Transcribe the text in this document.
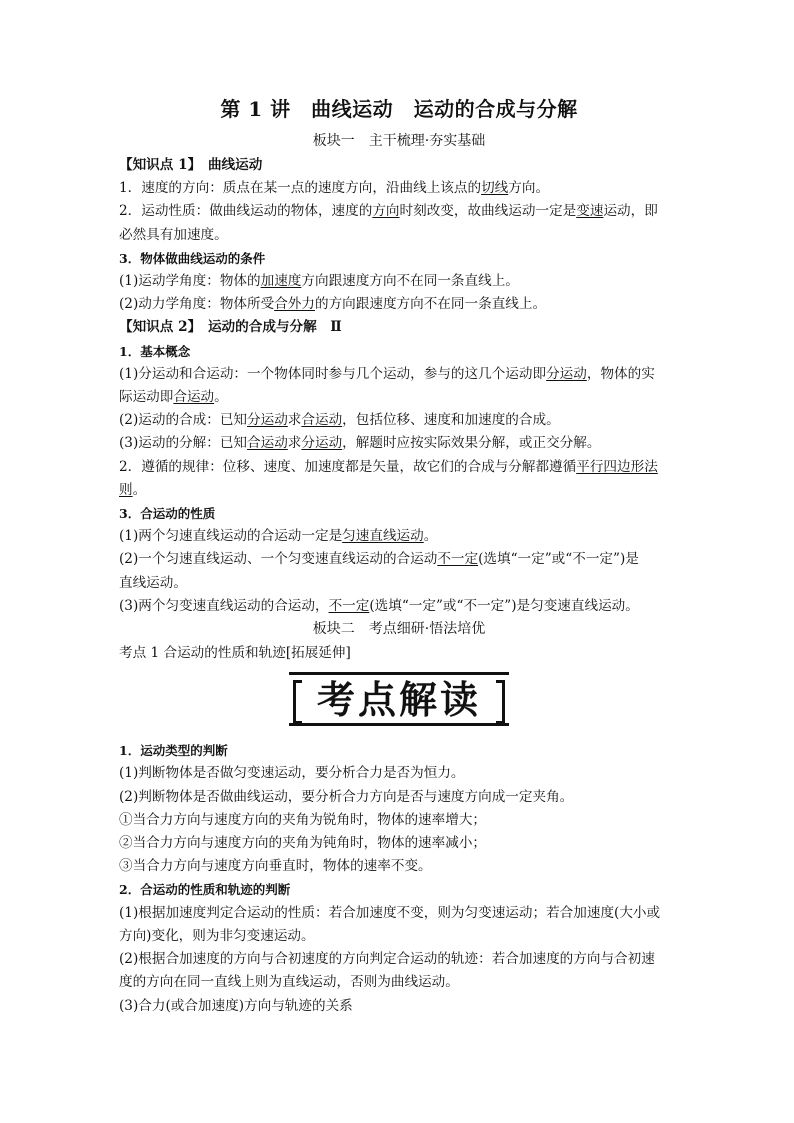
第 1 讲　曲线运动　运动的合成与分解
板块一　主干梳理·夯实基础

【知识点 1】　曲线运动

1．速度的方向：质点在某一点的速度方向，沿曲线上该点的切线方向。

2．运动性质：做曲线运动的物体，速度的方向时刻改变，故曲线运动一定是变速运动，即

必然具有加速度。

3．物体做曲线运动的条件

(1)运动学角度：物体的加速度方向跟速度方向不在同一条直线上。

(2)动力学角度：物体所受合外力的方向跟速度方向不在同一条直线上。

【知识点 2】　运动的合成与分解　Ⅱ

1．基本概念

(1)分运动和合运动：一个物体同时参与几个运动，参与的这几个运动即分运动，物体的实

际运动即合运动。

(2)运动的合成：已知分运动求合运动，包括位移、速度和加速度的合成。

(3)运动的分解：已知合运动求分运动，解题时应按实际效果分解，或正交分解。

2．遵循的规律：位移、速度、加速度都是矢量，故它们的合成与分解都遵循平行四边形法

则。

3．合运动的性质

(1)两个匀速直线运动的合运动一定是匀速直线运动。

(2)一个匀速直线运动、一个匀变速直线运动的合运动不一定(选填“一定”或“不一定”)是

直线运动。

(3)两个匀变速直线运动的合运动，不一定(选填“一定”或“不一定”)是匀变速直线运动。

板块二　考点细研·悟法培优

考点 1 合运动的性质和轨迹[拓展延伸]

考点解读

1．运动类型的判断

(1)判断物体是否做匀变速运动，要分析合力是否为恒力。

(2)判断物体是否做曲线运动，要分析合力方向是否与速度方向成一定夹角。

①当合力方向与速度方向的夹角为锐角时，物体的速率增大；

②当合力方向与速度方向的夹角为钝角时，物体的速率减小；

③当合力方向与速度方向垂直时，物体的速率不变。

2．合运动的性质和轨迹的判断

(1)根据加速度判定合运动的性质：若合加速度不变，则为匀变速运动；若合加速度(大小或

方向)变化，则为非匀变速运动。

(2)根据合加速度的方向与合初速度的方向判定合运动的轨迹：若合加速度的方向与合初速

度的方向在同一直线上则为直线运动，否则为曲线运动。

(3)合力(或合加速度)方向与轨迹的关系
